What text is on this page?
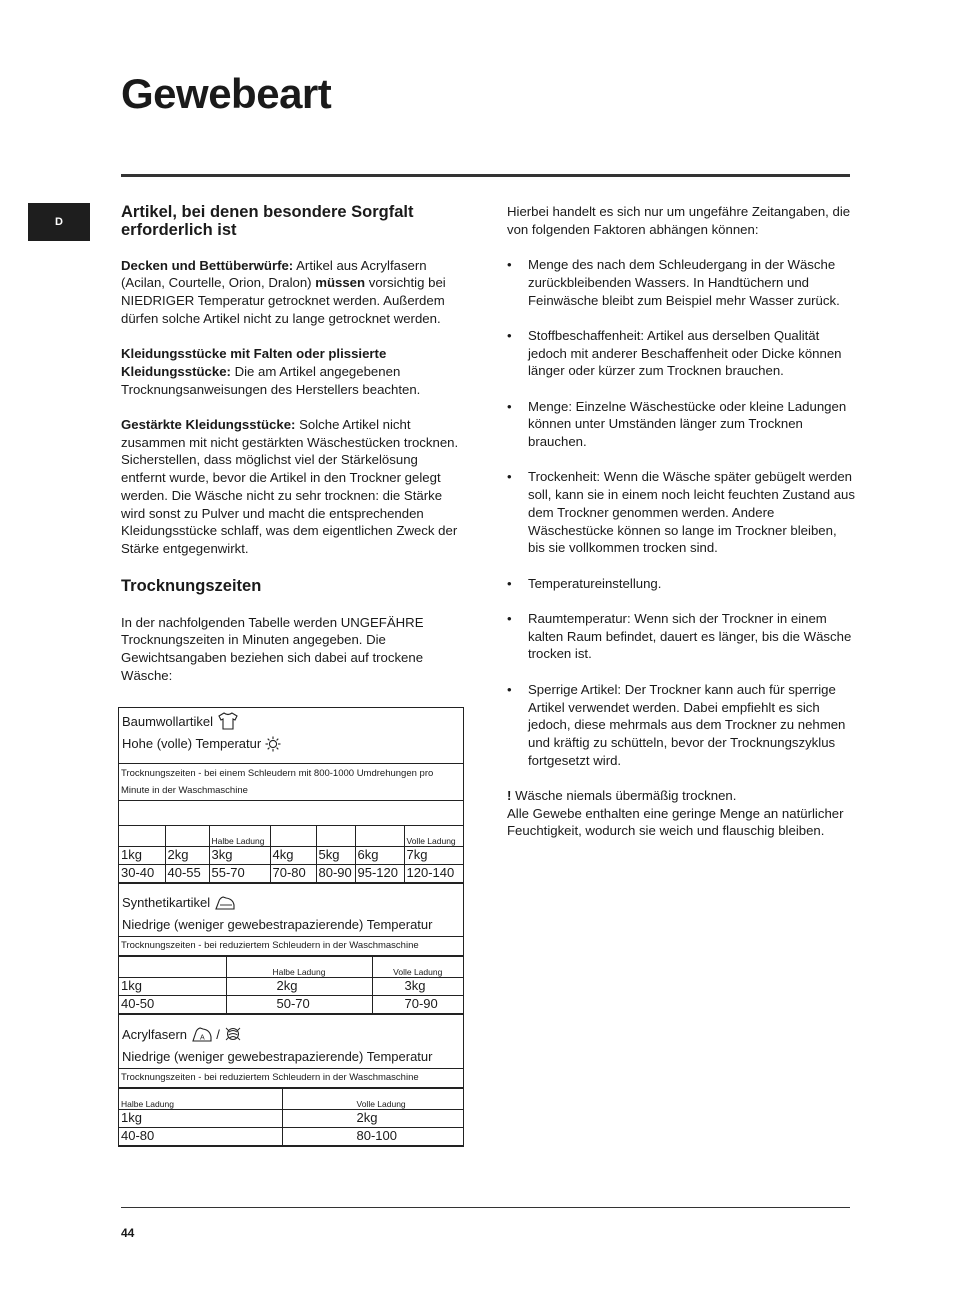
Gewebeart
D
Artikel, bei denen besondere Sorgfalt erforderlich ist

Decken und Bettüberwürfe: Artikel aus Acrylfasern (Acilan, Courtelle, Orion, Dralon) müssen vorsichtig bei NIEDRIGER Temperatur getrocknet werden. Außerdem dürfen solche Artikel nicht zu lange getrocknet werden.

Kleidungsstücke mit Falten oder plissierte Kleidungsstücke: Die am Artikel angegebenen Trocknungsanweisungen des Herstellers beachten.

Gestärkte Kleidungsstücke: Solche Artikel nicht zusammen mit nicht gestärkten Wäschestücken trocknen. Sicherstellen, dass möglichst viel der Stärkelösung entfernt wurde, bevor die Artikel in den Trockner gelegt werden. Die Wäsche nicht zu sehr trocknen: die Stärke wird sonst zu Pulver und macht die entsprechenden Kleidungsstücke schlaff, was dem eigentlichen Zweck der Stärke entgegenwirkt.

Trocknungszeiten

In der nachfolgenden Tabelle werden UNGEFÄHRE Trocknungszeiten in Minuten angegeben. Die Gewichtsangaben beziehen sich dabei auf trockene Wäsche:

Baumwollartikel
Hohe (volle) Temperatur
Trocknungszeiten - bei einem Schleudern mit 800-1000 Umdrehungen pro Minute in der Waschmaschine
		Halbe Ladung				Volle Ladung
1kg	2kg	3kg	4kg	5kg	6kg	7kg
30-40	40-55	55-70	70-80	80-90	95-120	120-140
Synthetikartikel
Niedrige (weniger gewebestrapazierende) Temperatur
Trocknungszeiten - bei reduziertem Schleudern in der Waschmaschine
	Halbe Ladung	Volle Ladung
1kg	2kg	3kg
40-50	50-70	70-90
Acrylfasern A /
Niedrige (weniger gewebestrapazierende) Temperatur
Trocknungszeiten - bei reduziertem Schleudern in der Waschmaschine
Halbe Ladung	Volle Ladung
1kg	2kg
40-80	80-100

Hierbei handelt es sich nur um ungefähre Zeitangaben, die von folgenden Faktoren abhängen können:

• Menge des nach dem Schleudergang in der Wäsche zurückbleibenden Wassers. In Handtüchern und Feinwäsche bleibt zum Beispiel mehr Wasser zurück.
• Stoffbeschaffenheit: Artikel aus derselben Qualität jedoch mit anderer Beschaffenheit oder Dicke können länger oder kürzer zum Trocknen brauchen.
• Menge: Einzelne Wäschestücke oder kleine Ladungen können unter Umständen länger zum Trocknen brauchen.
• Trockenheit: Wenn die Wäsche später gebügelt werden soll, kann sie in einem noch leicht feuchten Zustand aus dem Trockner genommen werden. Andere Wäschestücke können so lange im Trockner bleiben, bis sie vollkommen trocken sind.
• Temperatureinstellung.
• Raumtemperatur: Wenn sich der Trockner in einem kalten Raum befindet, dauert es länger, bis die Wäsche trocken ist.
• Sperrige Artikel: Der Trockner kann auch für sperrige Artikel verwendet werden. Dabei empfiehlt es sich jedoch, diese mehrmals aus dem Trockner zu nehmen und kräftig zu schütteln, bevor der Trocknungszyklus fortgesetzt wird.

! Wäsche niemals übermäßig trocknen.

Alle Gewebe enthalten eine geringe Menge an natürlicher Feuchtigkeit, wodurch sie weich und flauschig bleiben.

44
